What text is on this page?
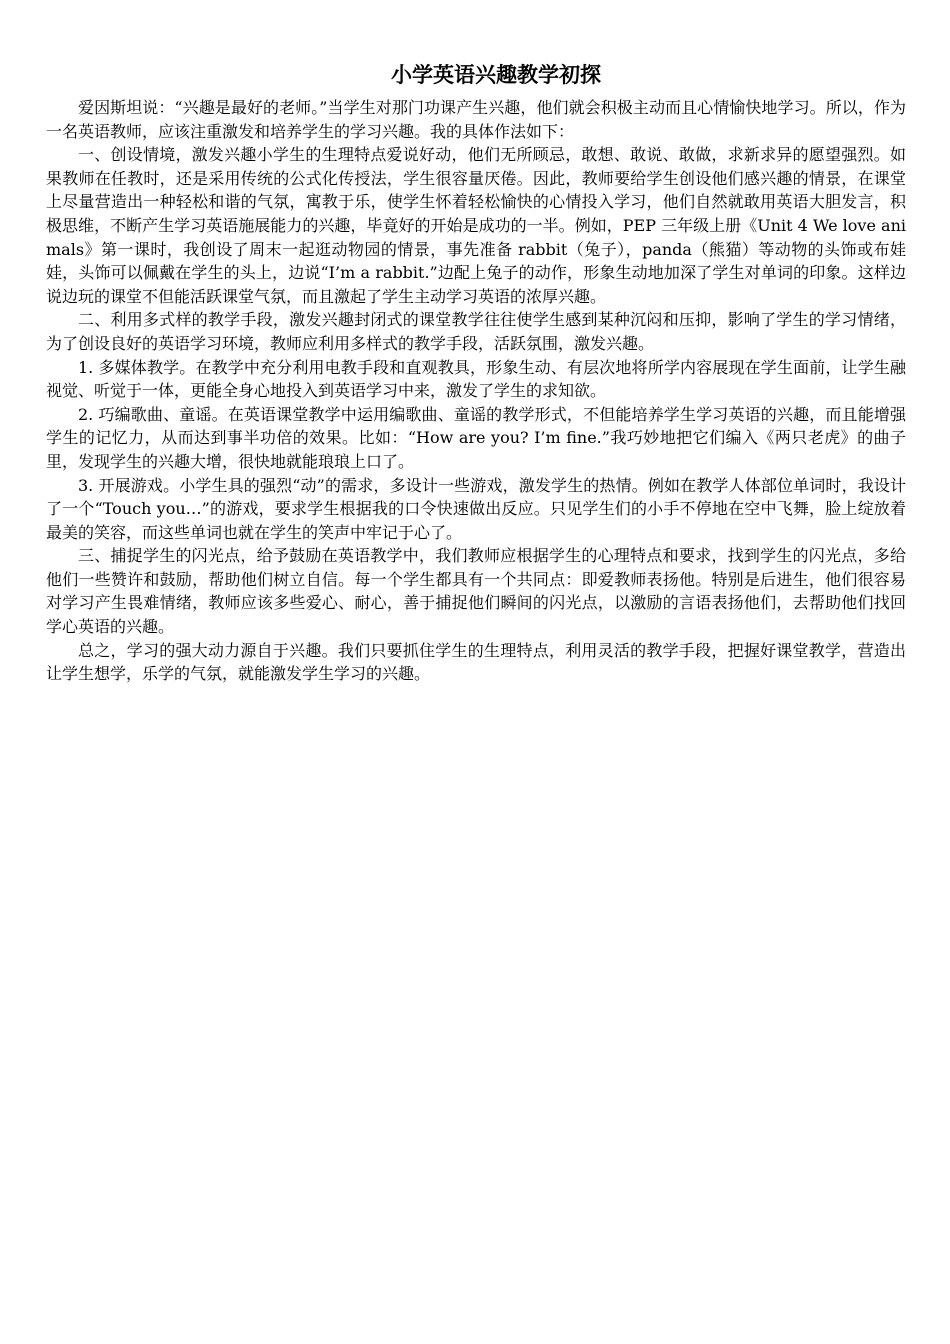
小学英语兴趣教学初探

爱因斯坦说：“兴趣是最好的老师。”当学生对那门功课产生兴趣，他们就会积极主动而且心情愉快地学习。所以，作为一名英语教师，应该注重激发和培养学生的学习兴趣。我的具体作法如下：

一、创设情境，激发兴趣小学生的生理特点爱说好动，他们无所顾忌，敢想、敢说、敢做，求新求异的愿望强烈。如果教师在任教时，还是采用传统的公式化传授法，学生很容量厌倦。因此，教师要给学生创设他们感兴趣的情景，在课堂上尽量营造出一种轻松和谐的气氛，寓教于乐，使学生怀着轻松愉快的心情投入学习，他们自然就敢用英语大胆发言，积极思维，不断产生学习英语施展能力的兴趣，毕竟好的开始是成功的一半。例如，PEP 三年级上册《Unit 4 We love animals》第一课时，我创设了周末一起逛动物园的情景，事先准备 rabbit（兔子），panda（熊猫）等动物的头饰或布娃娃，头饰可以佩戴在学生的头上，边说“I’m a rabbit.”边配上兔子的动作，形象生动地加深了学生对单词的印象。这样边说边玩的课堂不但能活跃课堂气氛，而且激起了学生主动学习英语的浓厚兴趣。

二、利用多式样的教学手段，激发兴趣封闭式的课堂教学往往使学生感到某种沉闷和压抑，影响了学生的学习情绪，为了创设良好的英语学习环境，教师应利用多样式的教学手段，活跃氛围，激发兴趣。

1. 多媒体教学。在教学中充分利用电教手段和直观教具，形象生动、有层次地将所学内容展现在学生面前，让学生融视觉、听觉于一体，更能全身心地投入到英语学习中来，激发了学生的求知欲。

2. 巧编歌曲、童谣。在英语课堂教学中运用编歌曲、童谣的教学形式，不但能培养学生学习英语的兴趣，而且能增强学生的记忆力，从而达到事半功倍的效果。比如：“How are you? I’m fine.”我巧妙地把它们编入《两只老虎》的曲子里，发现学生的兴趣大增，很快地就能琅琅上口了。

3. 开展游戏。小学生具的强烈“动”的需求，多设计一些游戏，激发学生的热情。例如在教学人体部位单词时，我设计了一个“Touch you…”的游戏，要求学生根据我的口令快速做出反应。只见学生们的小手不停地在空中飞舞，脸上绽放着最美的笑容，而这些单词也就在学生的笑声中牢记于心了。

三、捕捉学生的闪光点，给予鼓励在英语教学中，我们教师应根据学生的心理特点和要求，找到学生的闪光点，多给他们一些赞许和鼓励，帮助他们树立自信。每一个学生都具有一个共同点：即爱教师表扬他。特别是后进生，他们很容易对学习产生畏难情绪，教师应该多些爱心、耐心，善于捕捉他们瞬间的闪光点，以激励的言语表扬他们，去帮助他们找回学心英语的兴趣。

总之，学习的强大动力源自于兴趣。我们只要抓住学生的生理特点，利用灵活的教学手段，把握好课堂教学，营造出让学生想学，乐学的气氛，就能激发学生学习的兴趣。
